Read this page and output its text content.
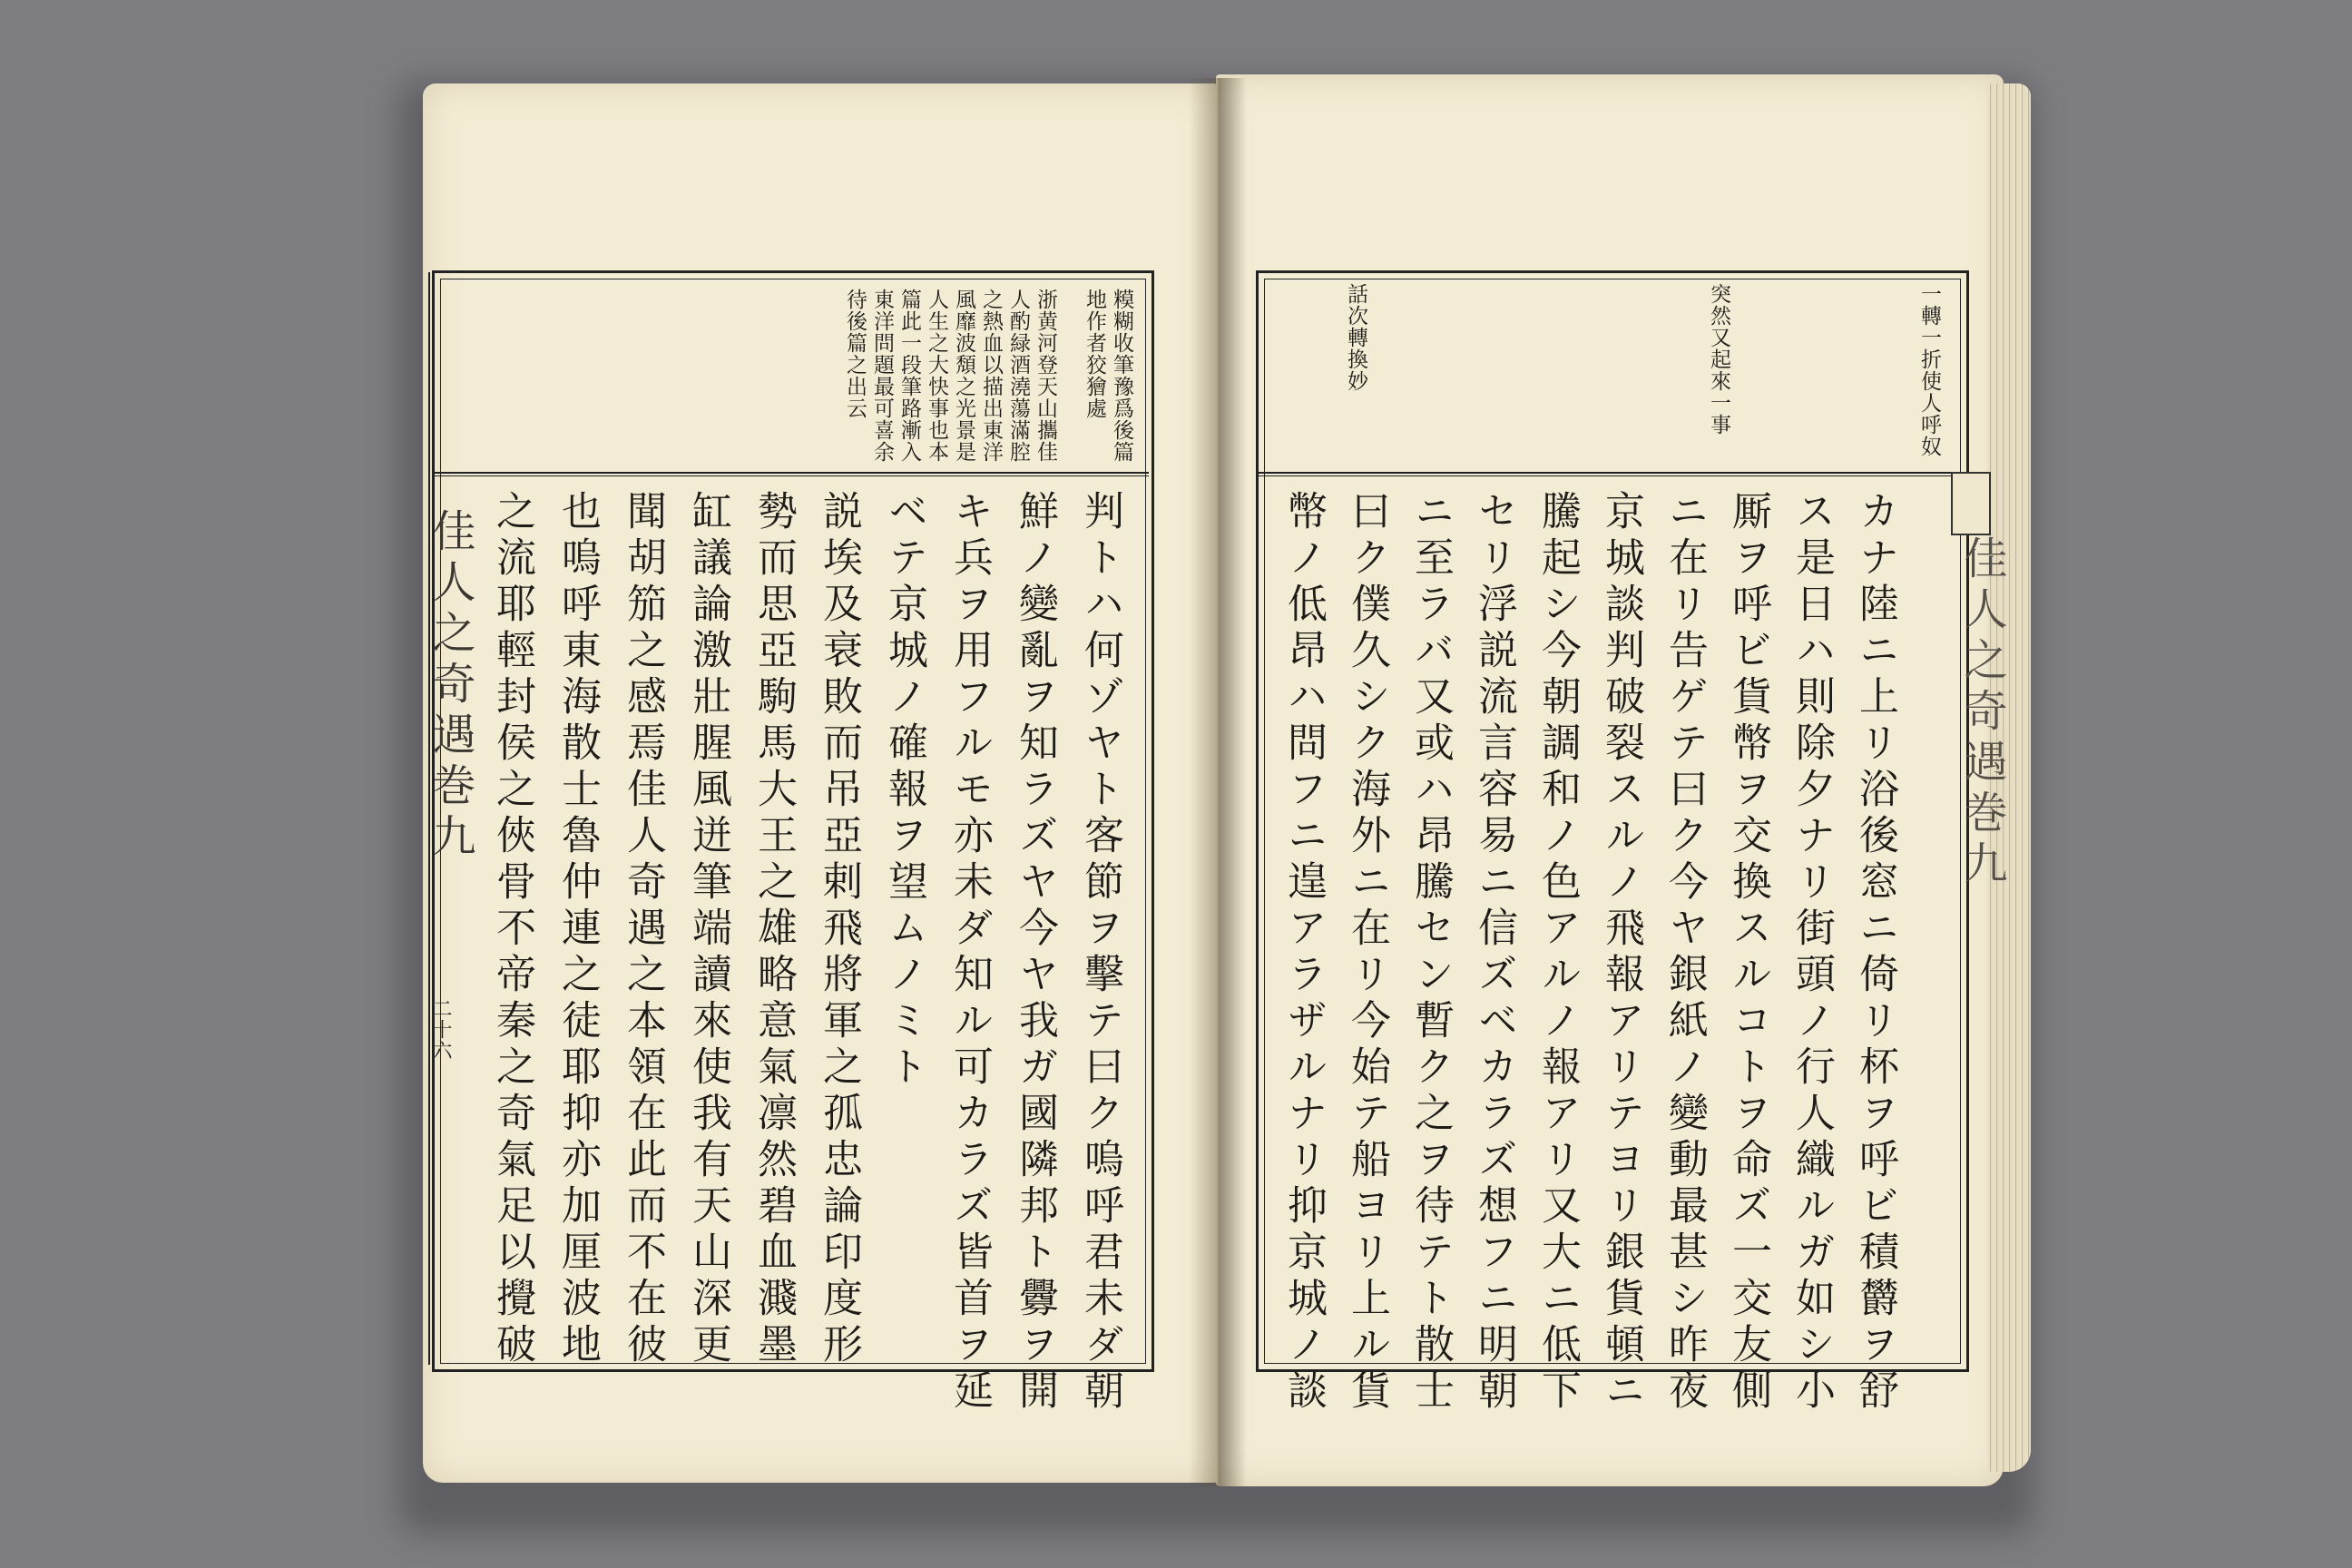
糢糊收筆豫爲後篇
地作者狡獪處
浙黄河登天山攜佳
人酌緑酒澆蕩滿腔
之熱血以描出東洋
風靡波頽之光景是
人生之大快事也本
篇此一段筆路漸入
東洋問題最可喜余
待後篇之出云
判トハ何ゾヤト客節ヲ擊テ曰ク嗚呼君未ダ朝
鮮ノ變亂ヲ知ラズヤ今ヤ我ガ國隣邦ト釁ヲ開
キ兵ヲ用フルモ亦未ダ知ル可カラズ皆首ヲ延
ベテ京城ノ確報ヲ望ムノミト
説埃及衰敗而吊亞剌飛將軍之孤忠論印度形
勢而思亞駒馬大王之雄略意氣凛然碧血濺墨
缸議論激壯腥風迸筆端讀來使我有天山深更
聞胡笳之感焉佳人奇遇之本領在此而不在彼
也嗚呼東海散士魯仲連之徒耶抑亦加厘波地
之流耶輕封侯之俠骨不帝秦之奇氣足以攪破
佳人之奇遇巻九
二十六
一轉一折使人呼奴
突然又起來一事
話次轉換妙
カナ陸ニ上リ浴後窓ニ倚リ杯ヲ呼ビ積欝ヲ舒
ス是日ハ則除夕ナリ街頭ノ行人織ルガ如シ小
厮ヲ呼ビ貨幣ヲ交換スルコトヲ命ズ一交友側
ニ在リ告ゲテ曰ク今ヤ銀紙ノ變動最甚シ昨夜
京城談判破裂スルノ飛報アリテヨリ銀貨頓ニ
騰起シ今朝調和ノ色アルノ報アリ又大ニ低下
セリ浮説流言容易ニ信ズベカラズ想フニ明朝
ニ至ラバ又或ハ昂騰セン暫ク之ヲ待テト散士
曰ク僕久シク海外ニ在リ今始テ船ヨリ上ル貨
幣ノ低昂ハ問フニ遑アラザルナリ抑京城ノ談	佳人之奇遇巻九
